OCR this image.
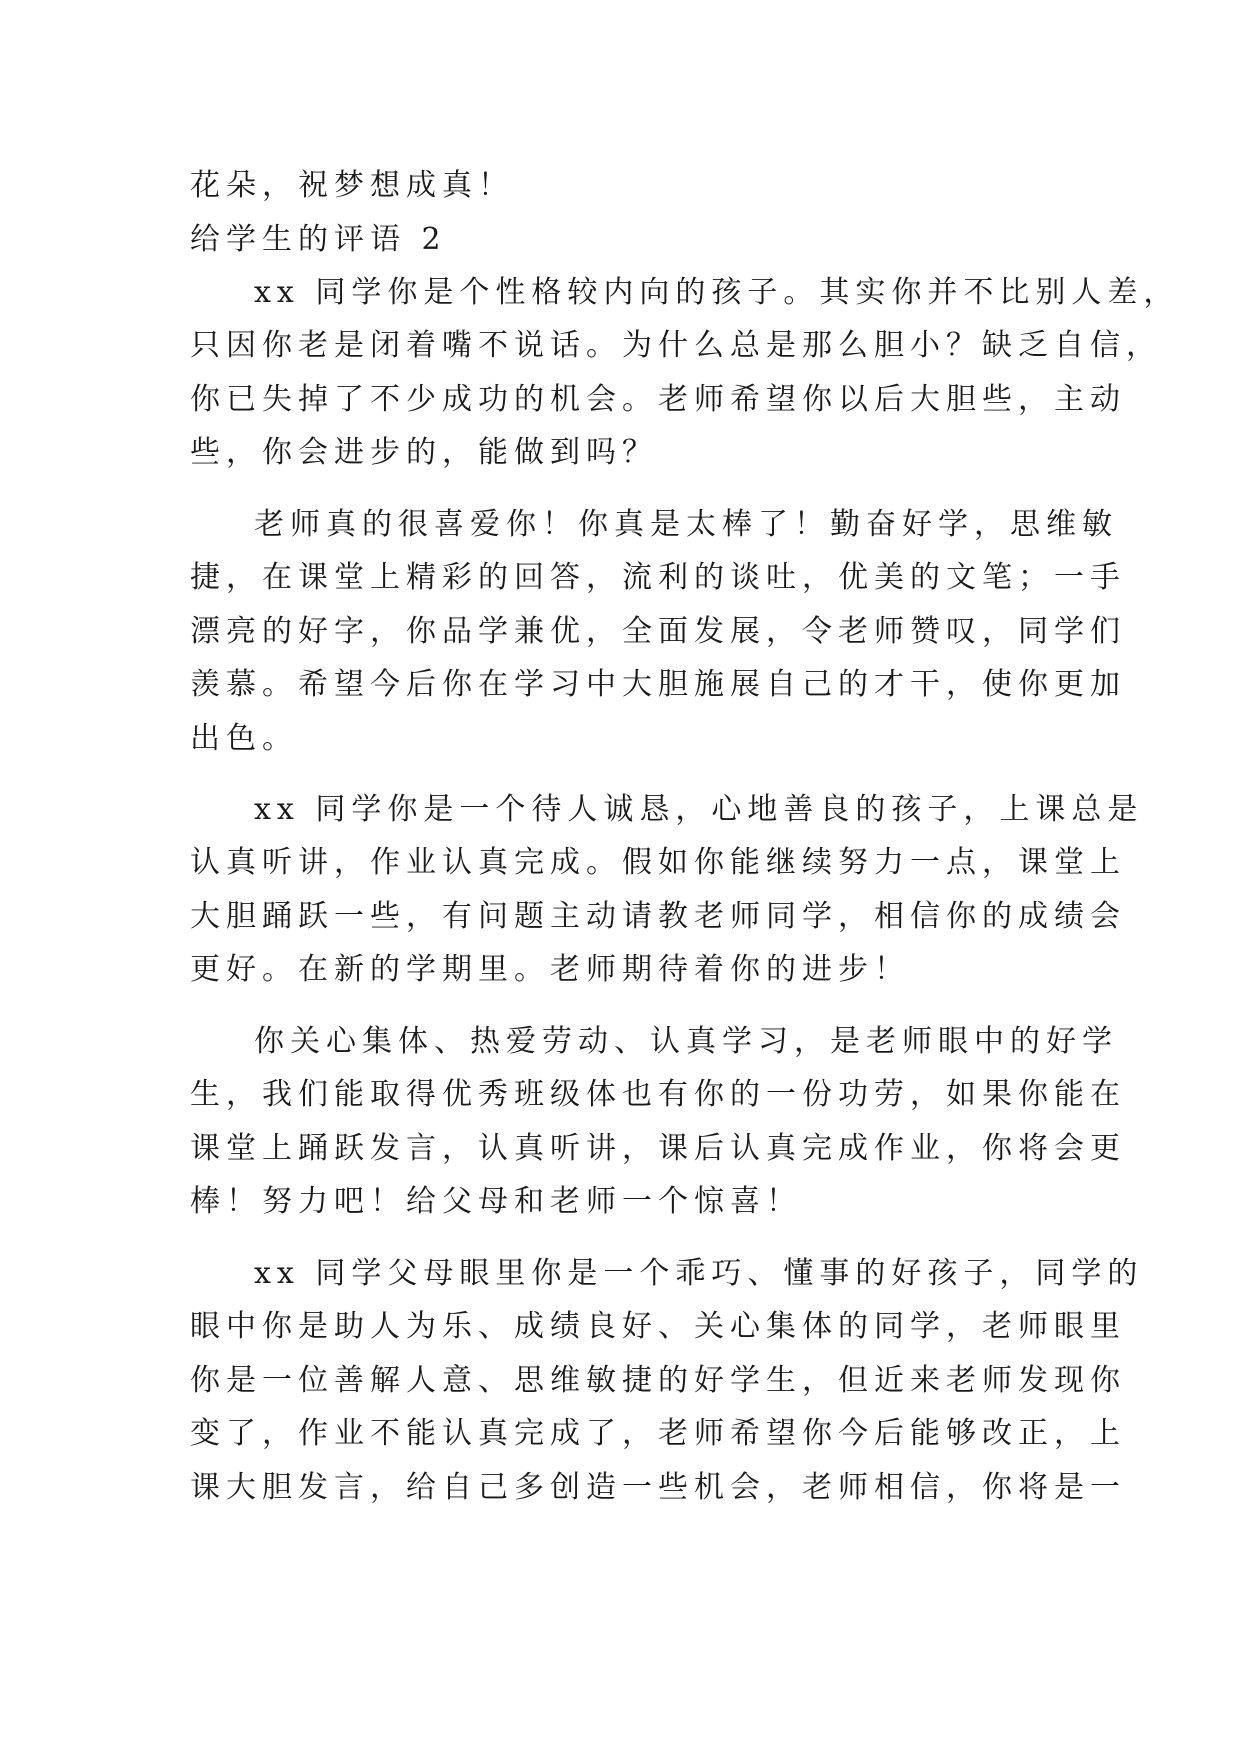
花朵，祝梦想成真！
给学生的评语 2
xx 同学你是个性格较内向的孩子。其实你并不比别人差，
只因你老是闭着嘴不说话。为什么总是那么胆小？缺乏自信，
你已失掉了不少成功的机会。老师希望你以后大胆些，主动
些，你会进步的，能做到吗？
老师真的很喜爱你！你真是太棒了！勤奋好学，思维敏
捷，在课堂上精彩的回答，流利的谈吐，优美的文笔；一手
漂亮的好字，你品学兼优，全面发展，令老师赞叹，同学们
羡慕。希望今后你在学习中大胆施展自己的才干，使你更加
出色。
xx 同学你是一个待人诚恳，心地善良的孩子，上课总是
认真听讲，作业认真完成。假如你能继续努力一点，课堂上
大胆踊跃一些，有问题主动请教老师同学，相信你的成绩会
更好。在新的学期里。老师期待着你的进步！
你关心集体、热爱劳动、认真学习，是老师眼中的好学
生，我们能取得优秀班级体也有你的一份功劳，如果你能在
课堂上踊跃发言，认真听讲，课后认真完成作业，你将会更
棒！努力吧！给父母和老师一个惊喜！
xx 同学父母眼里你是一个乖巧、懂事的好孩子，同学的
眼中你是助人为乐、成绩良好、关心集体的同学，老师眼里
你是一位善解人意、思维敏捷的好学生，但近来老师发现你
变了，作业不能认真完成了，老师希望你今后能够改正，上
课大胆发言，给自己多创造一些机会，老师相信，你将是一
